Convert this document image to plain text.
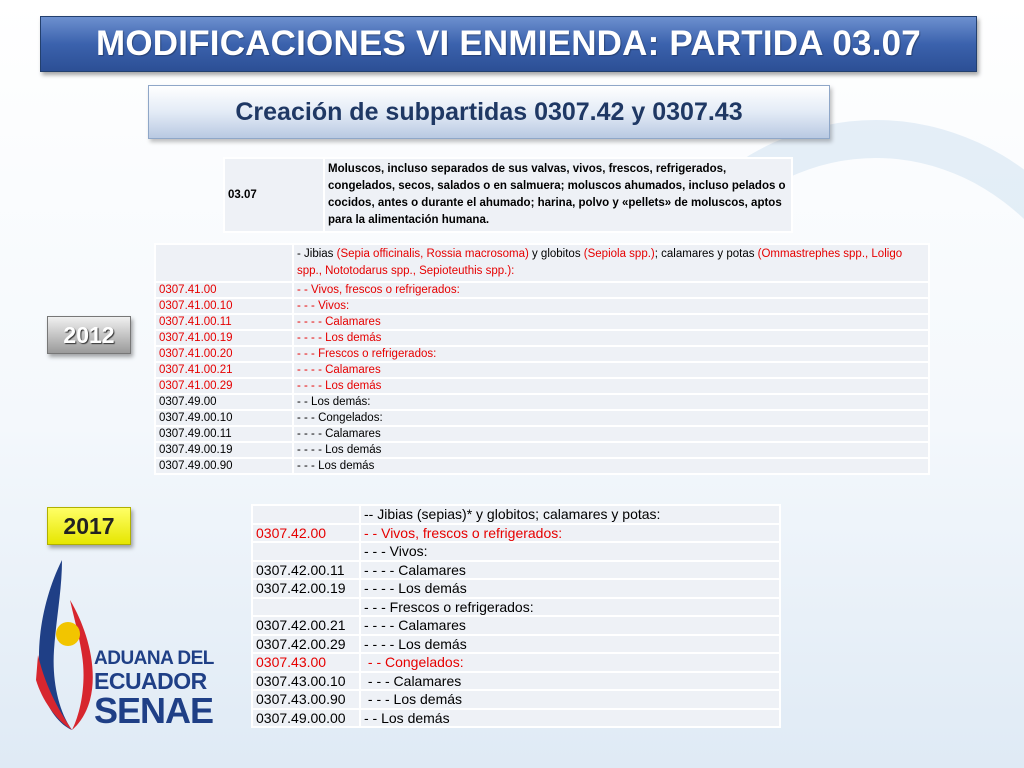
MODIFICACIONES VI ENMIENDA: PARTIDA 03.07
Creación de subpartidas 0307.42 y 0307.43
03.07	Moluscos, incluso separados de sus valvas, vivos, frescos, refrigerados, congelados, secos, salados o en salmuera; moluscos ahumados, incluso pelados o cocidos, antes o durante el ahumado; harina, polvo y «pellets» de moluscos, aptos para la alimentación humana.
2012
	- Jibias (Sepia officinalis, Rossia macrosoma) y globitos (Sepiola spp.); calamares y potas (Ommastrephes spp., Loligo spp., Nototodarus spp., Sepioteuthis spp.):
0307.41.00	- - Vivos, frescos o refrigerados:
0307.41.00.10	- - - Vivos:
0307.41.00.11	- - - - Calamares
0307.41.00.19	- - - - Los demás
0307.41.00.20	- - - Frescos o refrigerados:
0307.41.00.21	- - - - Calamares
0307.41.00.29	- - - - Los demás
0307.49.00	- - Los demás:
0307.49.00.10	- - - Congelados:
0307.49.00.11	- - - - Calamares
0307.49.00.19	- - - - Los demás
0307.49.00.90	- - - Los demás
2017
		-- Jibias (sepias)* y globitos; calamares y potas:
0307.42.00	- - Vivos, frescos o refrigerados:
	- - - Vivos:
0307.42.00.11	- - - - Calamares
0307.42.00.19	- - - - Los demás
	- - - Frescos o refrigerados:
0307.42.00.21	- - - - Calamares
0307.42.00.29	- - - - Los demás
0307.43.00	- - Congelados:
0307.43.00.10	- - - Calamares
0307.43.00.90	- - - Los demás
0307.49.00.00	- - Los demás
ADUANA DEL
ECUADOR
SENAE
